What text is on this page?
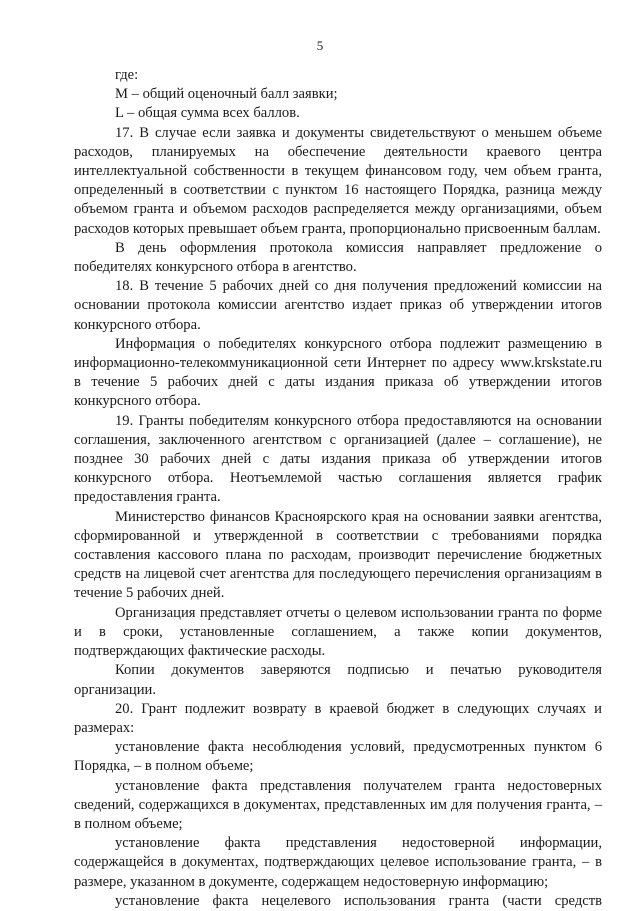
5

где:

M – общий оценочный балл заявки;

L – общая сумма всех баллов.

17. В случае если заявка и документы свидетельствуют о меньшем объеме расходов, планируемых на обеспечение деятельности краевого центра интеллектуальной собственности в текущем финансовом году, чем объем гранта, определенный в соответствии с пунктом 16 настоящего Порядка, разница между объемом гранта и объемом расходов распределяется между организациями, объем расходов которых превышает объем гранта, пропорционально присвоенным баллам.

В день оформления протокола комиссия направляет предложение о победителях конкурсного отбора в агентство.

18. В течение 5 рабочих дней со дня получения предложений комиссии на основании протокола комиссии агентство издает приказ об утверждении итогов конкурсного отбора.

Информация о победителях конкурсного отбора подлежит размещению в информационно-телекоммуникационной сети Интернет по адресу www.krskstate.ru в течение 5 рабочих дней с даты издания приказа об утверждении итогов конкурсного отбора.

19. Гранты победителям конкурсного отбора предоставляются на основании соглашения, заключенного агентством с организацией (далее – соглашение), не позднее 30 рабочих дней с даты издания приказа об утверждении итогов конкурсного отбора. Неотъемлемой частью соглашения является график предоставления гранта.

Министерство финансов Красноярского края на основании заявки агентства, сформированной и утвержденной в соответствии с требованиями порядка составления кассового плана по расходам, производит перечисление бюджетных средств на лицевой счет агентства для последующего перечисления организациям в течение 5 рабочих дней.

Организация представляет отчеты о целевом использовании гранта по форме и в сроки, установленные соглашением, а также копии документов, подтверждающих фактические расходы.

Копии документов заверяются подписью и печатью руководителя организации.

20. Грант подлежит возврату в краевой бюджет в следующих случаях и размерах:

установление факта несоблюдения условий, предусмотренных пунктом 6 Порядка, – в полном объеме;

установление факта представления получателем гранта недостоверных сведений, содержащихся в документах, представленных им для получения гранта, – в полном объеме;

установление факта представления недостоверной информации, содержащейся в документах, подтверждающих целевое использование гранта, – в размере, указанном в документе, содержащем недостоверную информацию;

установление факта нецелевого использования гранта (части средств
